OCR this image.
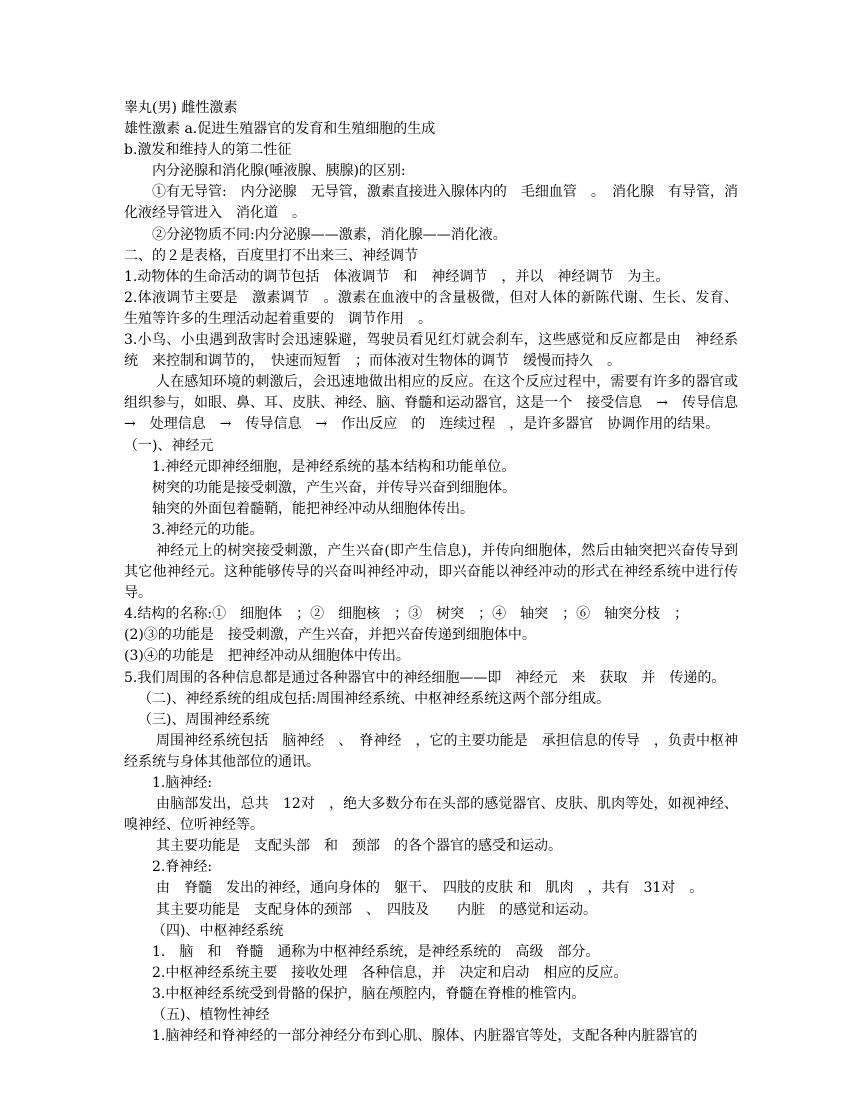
睾丸(男) 雌性激素

雄性激素 a.促进生殖器官的发育和生殖细胞的生成

b.激发和维持人的第二性征

内分泌腺和消化腺(唾液腺、胰腺)的区别:

①有无导管:　内分泌腺　无导管，激素直接进入腺体内的　毛细血管　。　消化腺　有导管，消化液经导管进入　消化道　。

②分泌物质不同:内分泌腺——激素，消化腺——消化液。

二、的２是表格，百度里打不出来三、神经调节

1.动物体的生命活动的调节包括　体液调节　和　神经调节　，并以　神经调节　为主。

2.体液调节主要是　激素调节　。激素在血液中的含量极微，但对人体的新陈代谢、生长、发育、生殖等许多的生理活动起着重要的　调节作用　。

3.小鸟、小虫遇到敌害时会迅速躲避，驾驶员看见红灯就会刹车，这些感觉和反应都是由　神经系统　来控制和调节的，　快速而短暂　；而体液对生物体的调节　缓慢而持久　。

人在感知环境的刺激后，会迅速地做出相应的反应。在这个反应过程中，需要有许多的器官或组织参与，如眼、鼻、耳、皮肤、神经、脑、脊髓和运动器官，这是一个　接受信息　→　传导信息　→　处理信息　→　传导信息　→　作出反应　的　连续过程　，是许多器官　协调作用的结果。

（一)、神经元

1.神经元即神经细胞，是神经系统的基本结构和功能单位。

树突的功能是接受刺激，产生兴奋，并传导兴奋到细胞体。

轴突的外面包着髓鞘，能把神经冲动从细胞体传出。

3.神经元的功能。

神经元上的树突接受刺激，产生兴奋(即产生信息)，并传向细胞体，然后由轴突把兴奋传导到其它他神经元。这种能够传导的兴奋叫神经冲动，即兴奋能以神经冲动的形式在神经系统中进行传导。

4.结构的名称:①　细胞体　；②　细胞核　；③　树突　；④　轴突　；⑥　轴突分枝　；

(2)③的功能是　接受刺激，产生兴奋，并把兴奋传递到细胞体中。

(3)④的功能是　把神经冲动从细胞体中传出。

5.我们周围的各种信息都是通过各种器官中的神经细胞——即　神经元　来　获取　并　传递的。

（二)、神经系统的组成包括:周围神经系统、中枢神经系统这两个部分组成。

（三)、周围神经系统

周围神经系统包括　脑神经　、　脊神经　，它的主要功能是　承担信息的传导　，负责中枢神经系统与身体其他部位的通讯。

1.脑神经:

由脑部发出，总共　12对　，绝大多数分布在头部的感觉器官、皮肤、肌肉等处，如视神经、嗅神经、位听神经等。

其主要功能是　支配头部　和　颈部　的各个器官的感受和运动。

2.脊神经:

由　脊髓　发出的神经，通向身体的　躯干、　四肢的皮肤 和　肌肉　，共有　31对　。

其主要功能是　支配身体的颈部　、　四肢及　　内脏　的感觉和运动。

（四)、中枢神经系统

1.　脑　和　脊髓　通称为中枢神经系统，是神经系统的　高级　部分。

2.中枢神经系统主要　接收处理　各种信息，并　决定和启动　相应的反应。

3.中枢神经系统受到骨骼的保护，脑在颅腔内，脊髓在脊椎的椎管内。

（五)、植物性神经

1.脑神经和脊神经的一部分神经分布到心肌、腺体、内脏器官等处，支配各种内脏器官的
